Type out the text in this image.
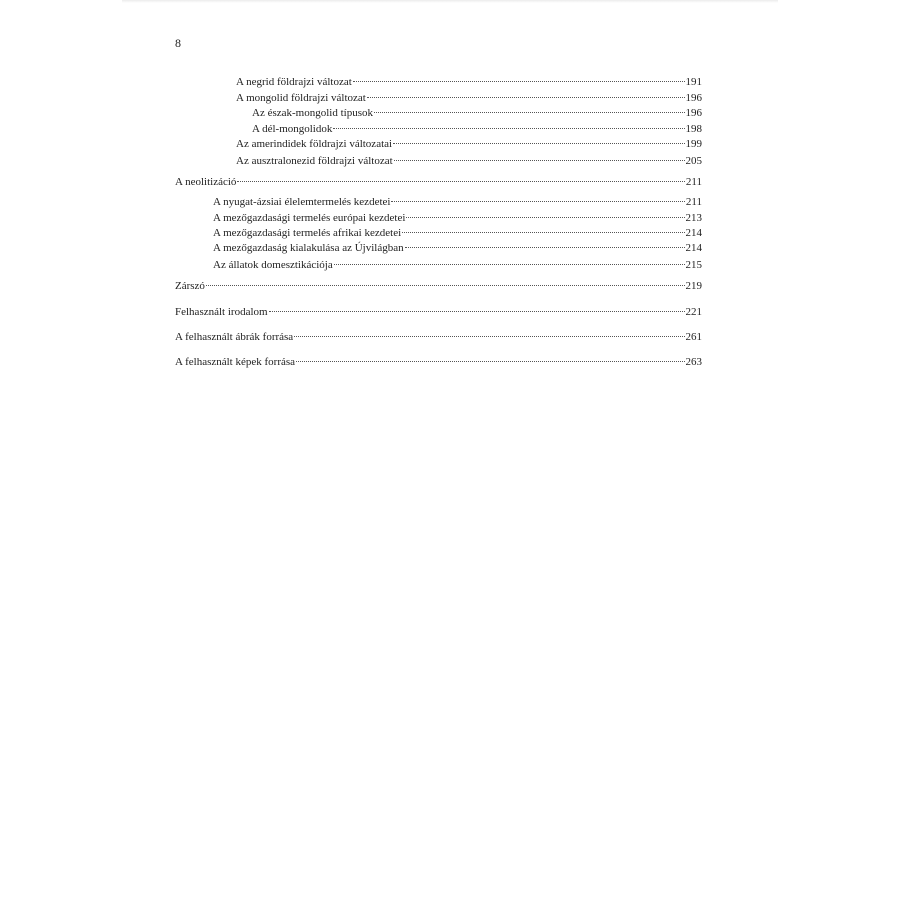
8
A negrid földrajzi változat	191
A mongolid földrajzi változat	196
Az észak-mongolid típusok	196
A dél-mongolidok	198
Az amerindidek földrajzi változatai	199
Az ausztralonezid földrajzi változat	205
A neolitizáció	211
A nyugat-ázsiai élelemtermelés kezdetei	211
A mezőgazdasági termelés európai kezdetei	213
A mezőgazdasági termelés afrikai kezdetei	214
A mezőgazdaság kialakulása az Újvilágban	214
Az állatok domesztikációja	215
Zárszó	219
Felhasznált irodalom	221
A felhasznált ábrák forrása	261
A felhasznált képek forrása	263
